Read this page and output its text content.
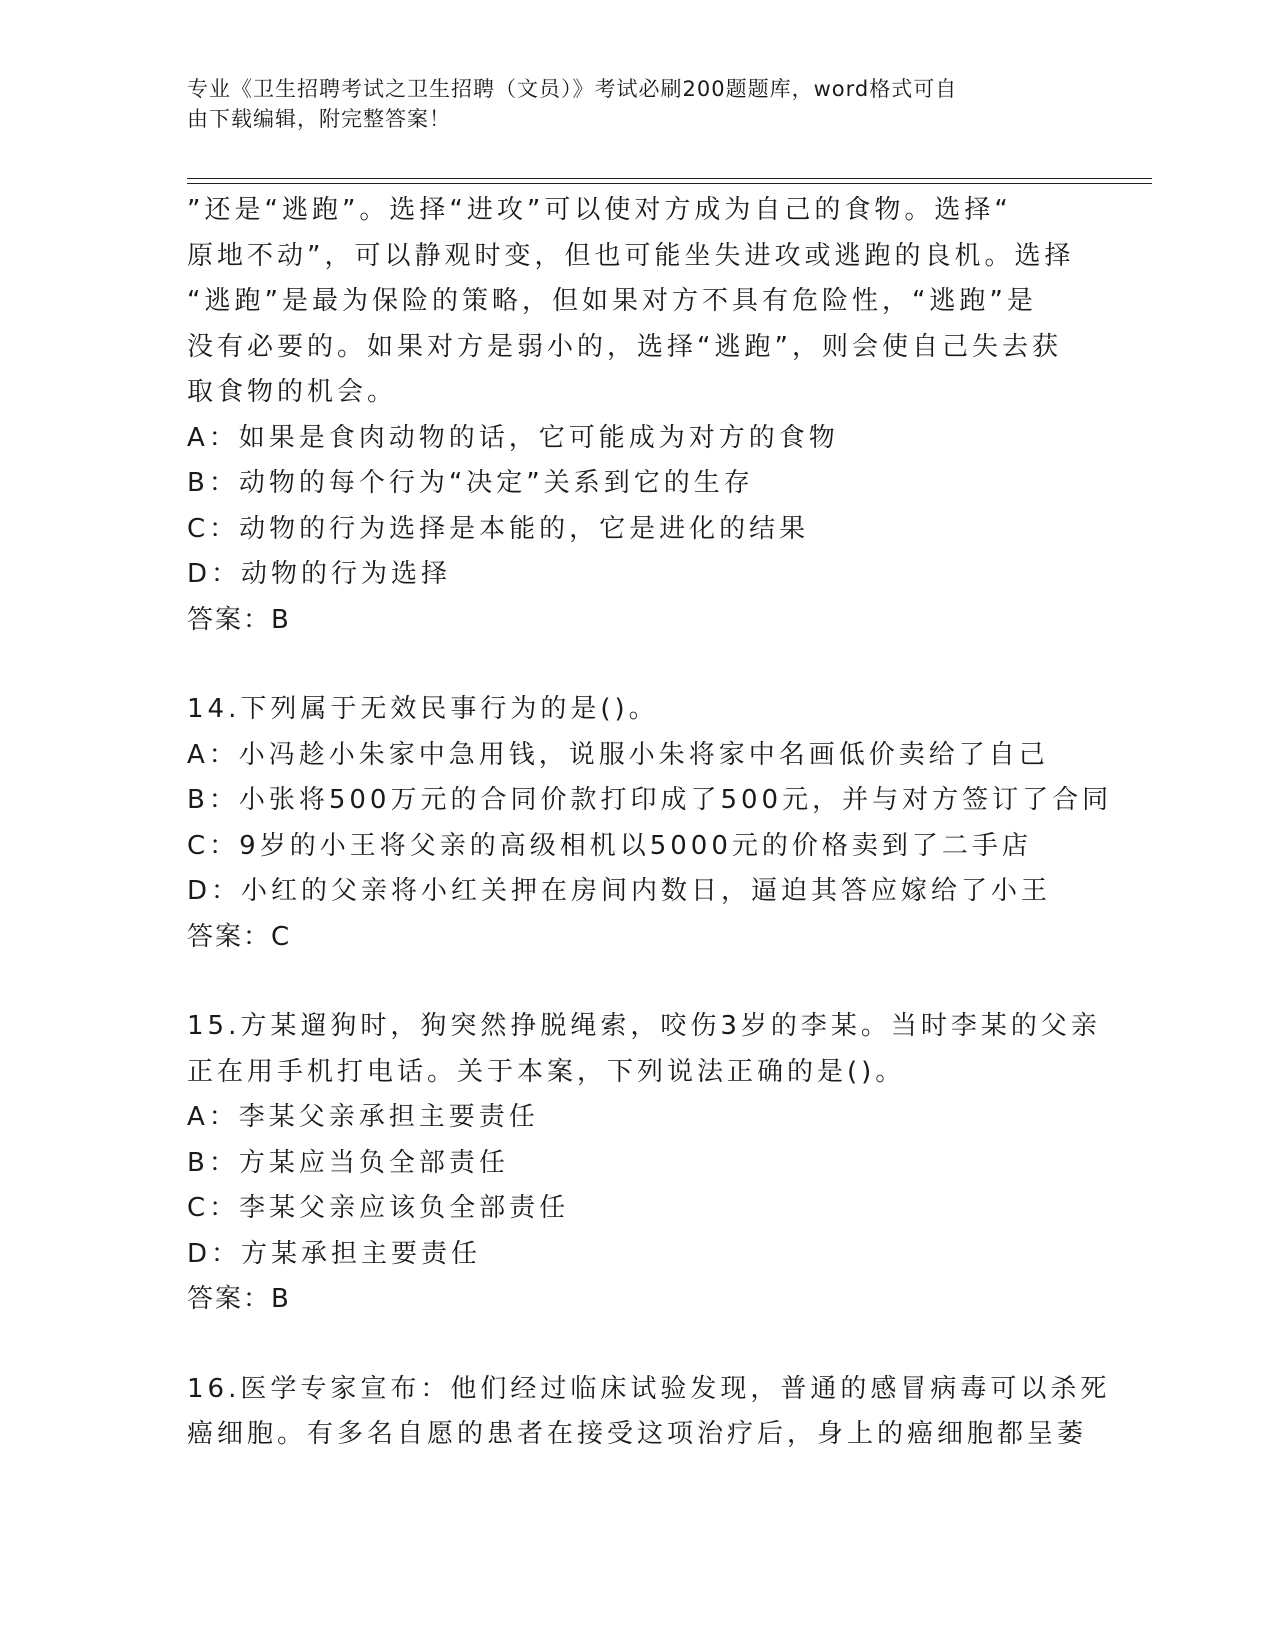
专业《卫生招聘考试之卫生招聘（文员）》考试必刷200题题库，word格式可自
由下载编辑，附完整答案！
”还是“逃跑”。选择“进攻”可以使对方成为自己的食物。选择“
原地不动”，可以静观时变，但也可能坐失进攻或逃跑的良机。选择
“逃跑”是最为保险的策略，但如果对方不具有危险性，“逃跑”是
没有必要的。如果对方是弱小的，选择“逃跑”，则会使自己失去获
取食物的机会。
A：如果是食肉动物的话，它可能成为对方的食物
B：动物的每个行为“决定”关系到它的生存
C：动物的行为选择是本能的，它是进化的结果
D：动物的行为选择
答案：B
14.下列属于无效民事行为的是()。
A：小冯趁小朱家中急用钱，说服小朱将家中名画低价卖给了自己
B：小张将500万元的合同价款打印成了500元，并与对方签订了合同
C：9岁的小王将父亲的高级相机以5000元的价格卖到了二手店
D：小红的父亲将小红关押在房间内数日，逼迫其答应嫁给了小王
答案：C
15.方某遛狗时，狗突然挣脱绳索，咬伤3岁的李某。当时李某的父亲
正在用手机打电话。关于本案，下列说法正确的是()。
A：李某父亲承担主要责任
B：方某应当负全部责任
C：李某父亲应该负全部责任
D：方某承担主要责任
答案：B
16.医学专家宣布：他们经过临床试验发现，普通的感冒病毒可以杀死
癌细胞。有多名自愿的患者在接受这项治疗后，身上的癌细胞都呈萎
